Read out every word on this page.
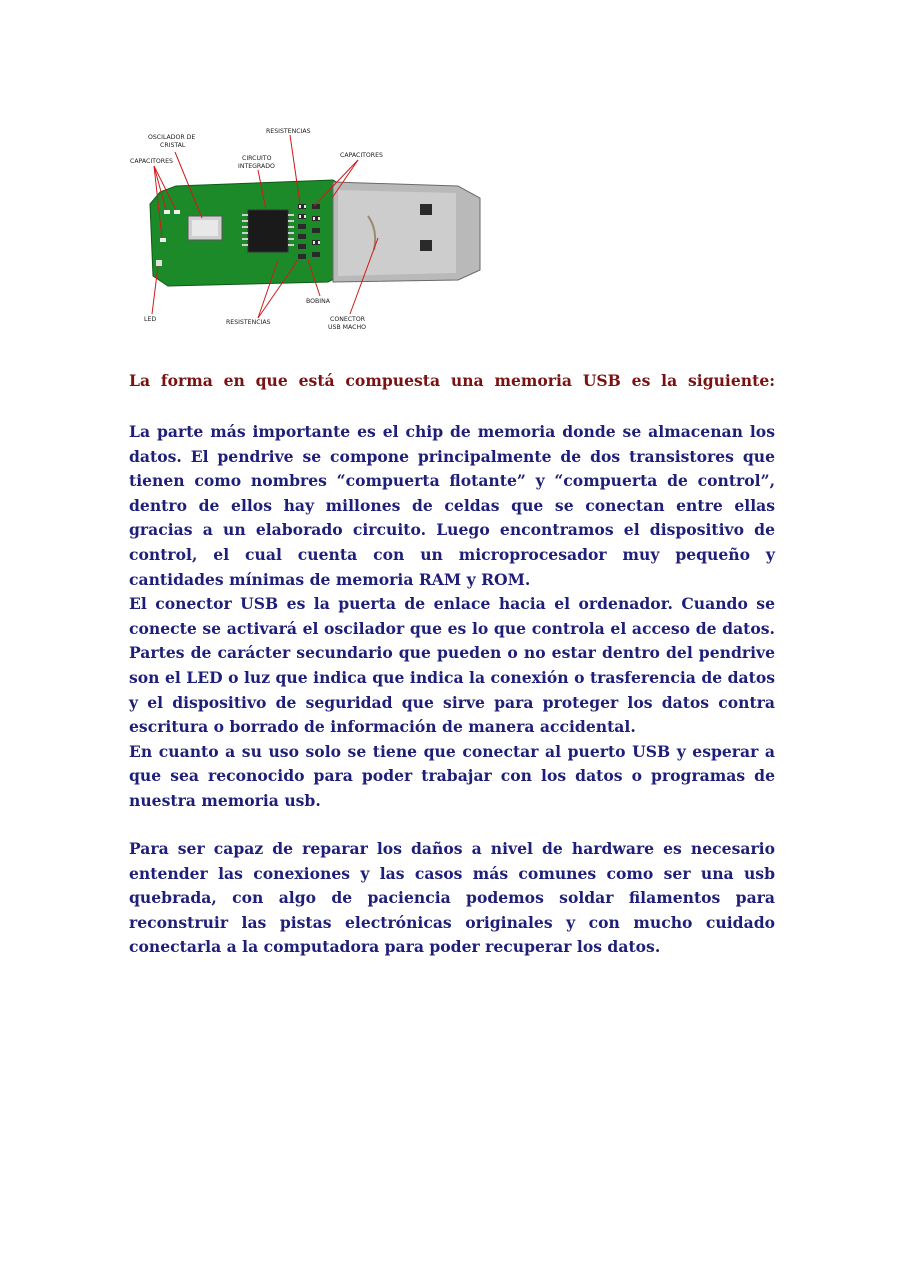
OSCILADOR DE
CRISTAL
CAPACITORES
RESISTENCIAS
CIRCUITO
INTEGRADO
CAPACITORES
LED	RESISTENCIAS
BOBINA
CONECTOR
USB MACHO
La forma en que está compuesta una memoria USB es la siguiente:

La parte más importante es el chip de memoria donde se almacenan los datos. El pendrive se compone principalmente de dos transistores que tienen como nombres “compuerta flotante” y “compuerta de control”, dentro de ellos hay millones de celdas que se conectan entre ellas gracias a un elaborado circuito. Luego encontramos el dispositivo de control, el cual cuenta con un microprocesador muy pequeño y cantidades mínimas de memoria RAM y ROM.

El conector USB es la puerta de enlace hacia el ordenador. Cuando se conecte se activará el oscilador que es lo que controla el acceso de datos. Partes de carácter secundario que pueden o no estar dentro del pendrive son el LED o luz que indica que indica la conexión o trasferencia de datos y el dispositivo de seguridad que sirve para proteger los datos contra escritura o borrado de información de manera accidental.

En cuanto a su uso solo se tiene que conectar al puerto USB y esperar a que sea reconocido para poder trabajar con los datos o programas de nuestra memoria usb.

Para ser capaz de reparar los daños a nivel de hardware es necesario entender las conexiones y las casos más comunes como ser una usb quebrada, con algo de paciencia podemos soldar filamentos para reconstruir las pistas electrónicas originales y con mucho cuidado conectarla a la computadora para poder recuperar los datos.
